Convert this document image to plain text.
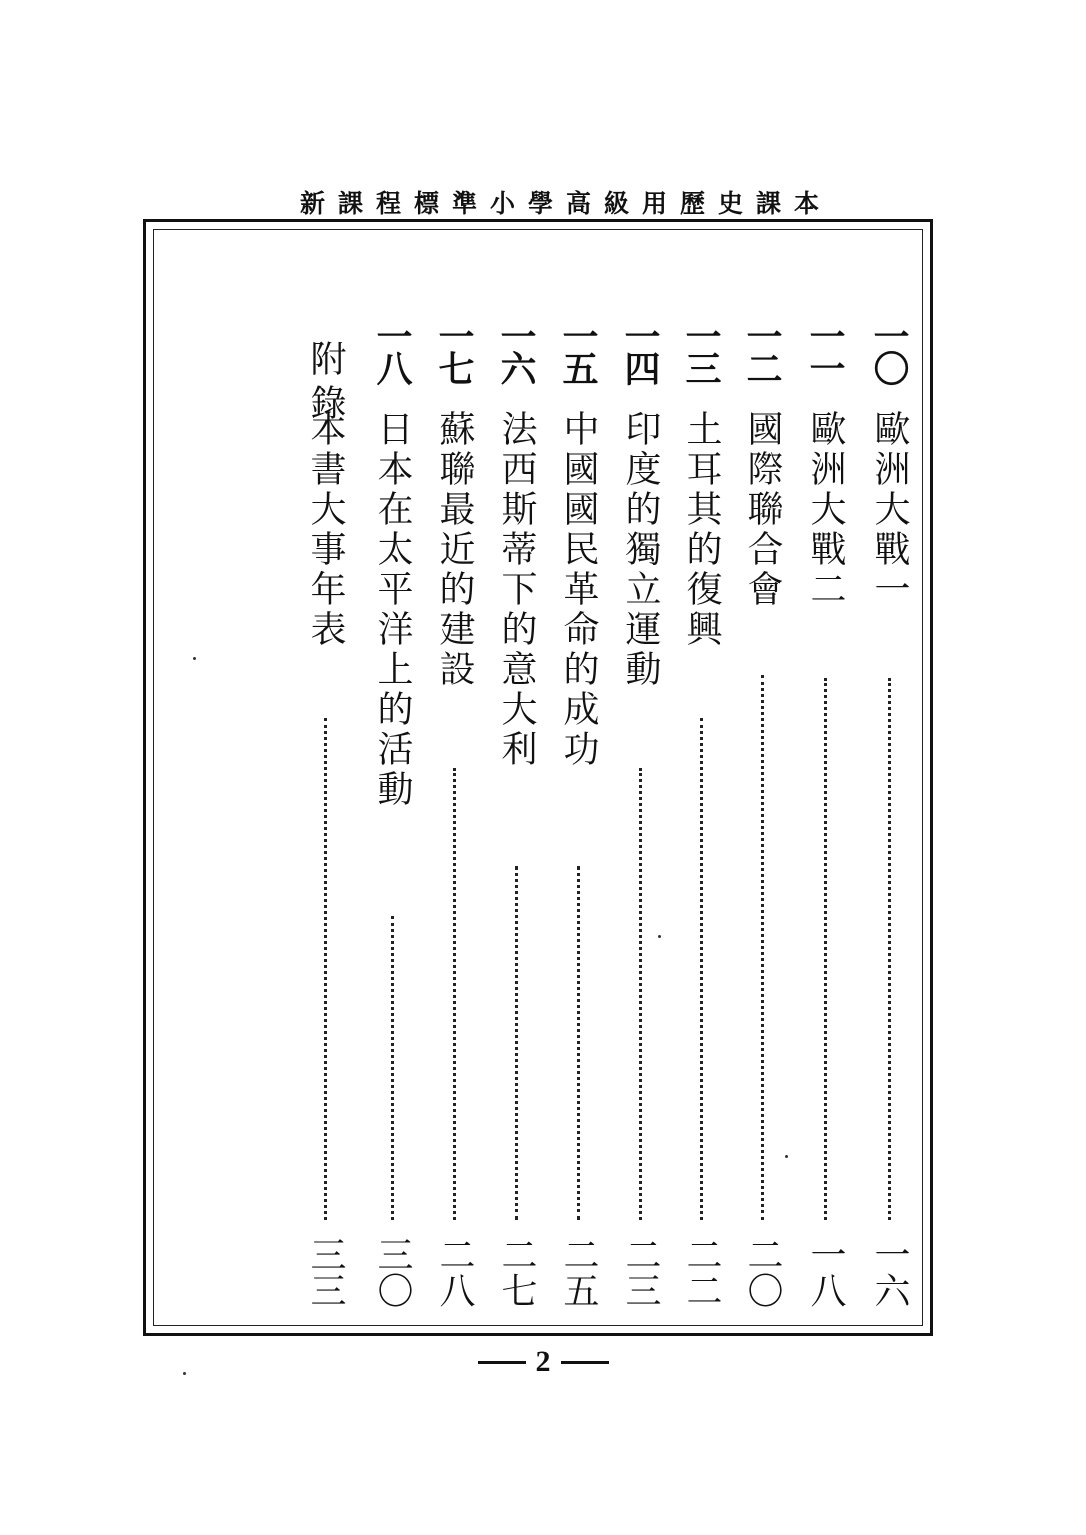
新課程標準小學高級用歷史課本
一〇
歐洲大戰一
一六
一一
歐洲大戰二
一八
一二
國際聯合會
二〇
一三
土耳其的復興
二二
一四
印度的獨立運動
二三
一五
中國國民革命的成功
二五
一六
法西斯蒂下的意大利
二七
一七
蘇聯最近的建設
二八
一八
日本在太平洋上的活動
三〇
附錄
本書大事年表
三三
2
